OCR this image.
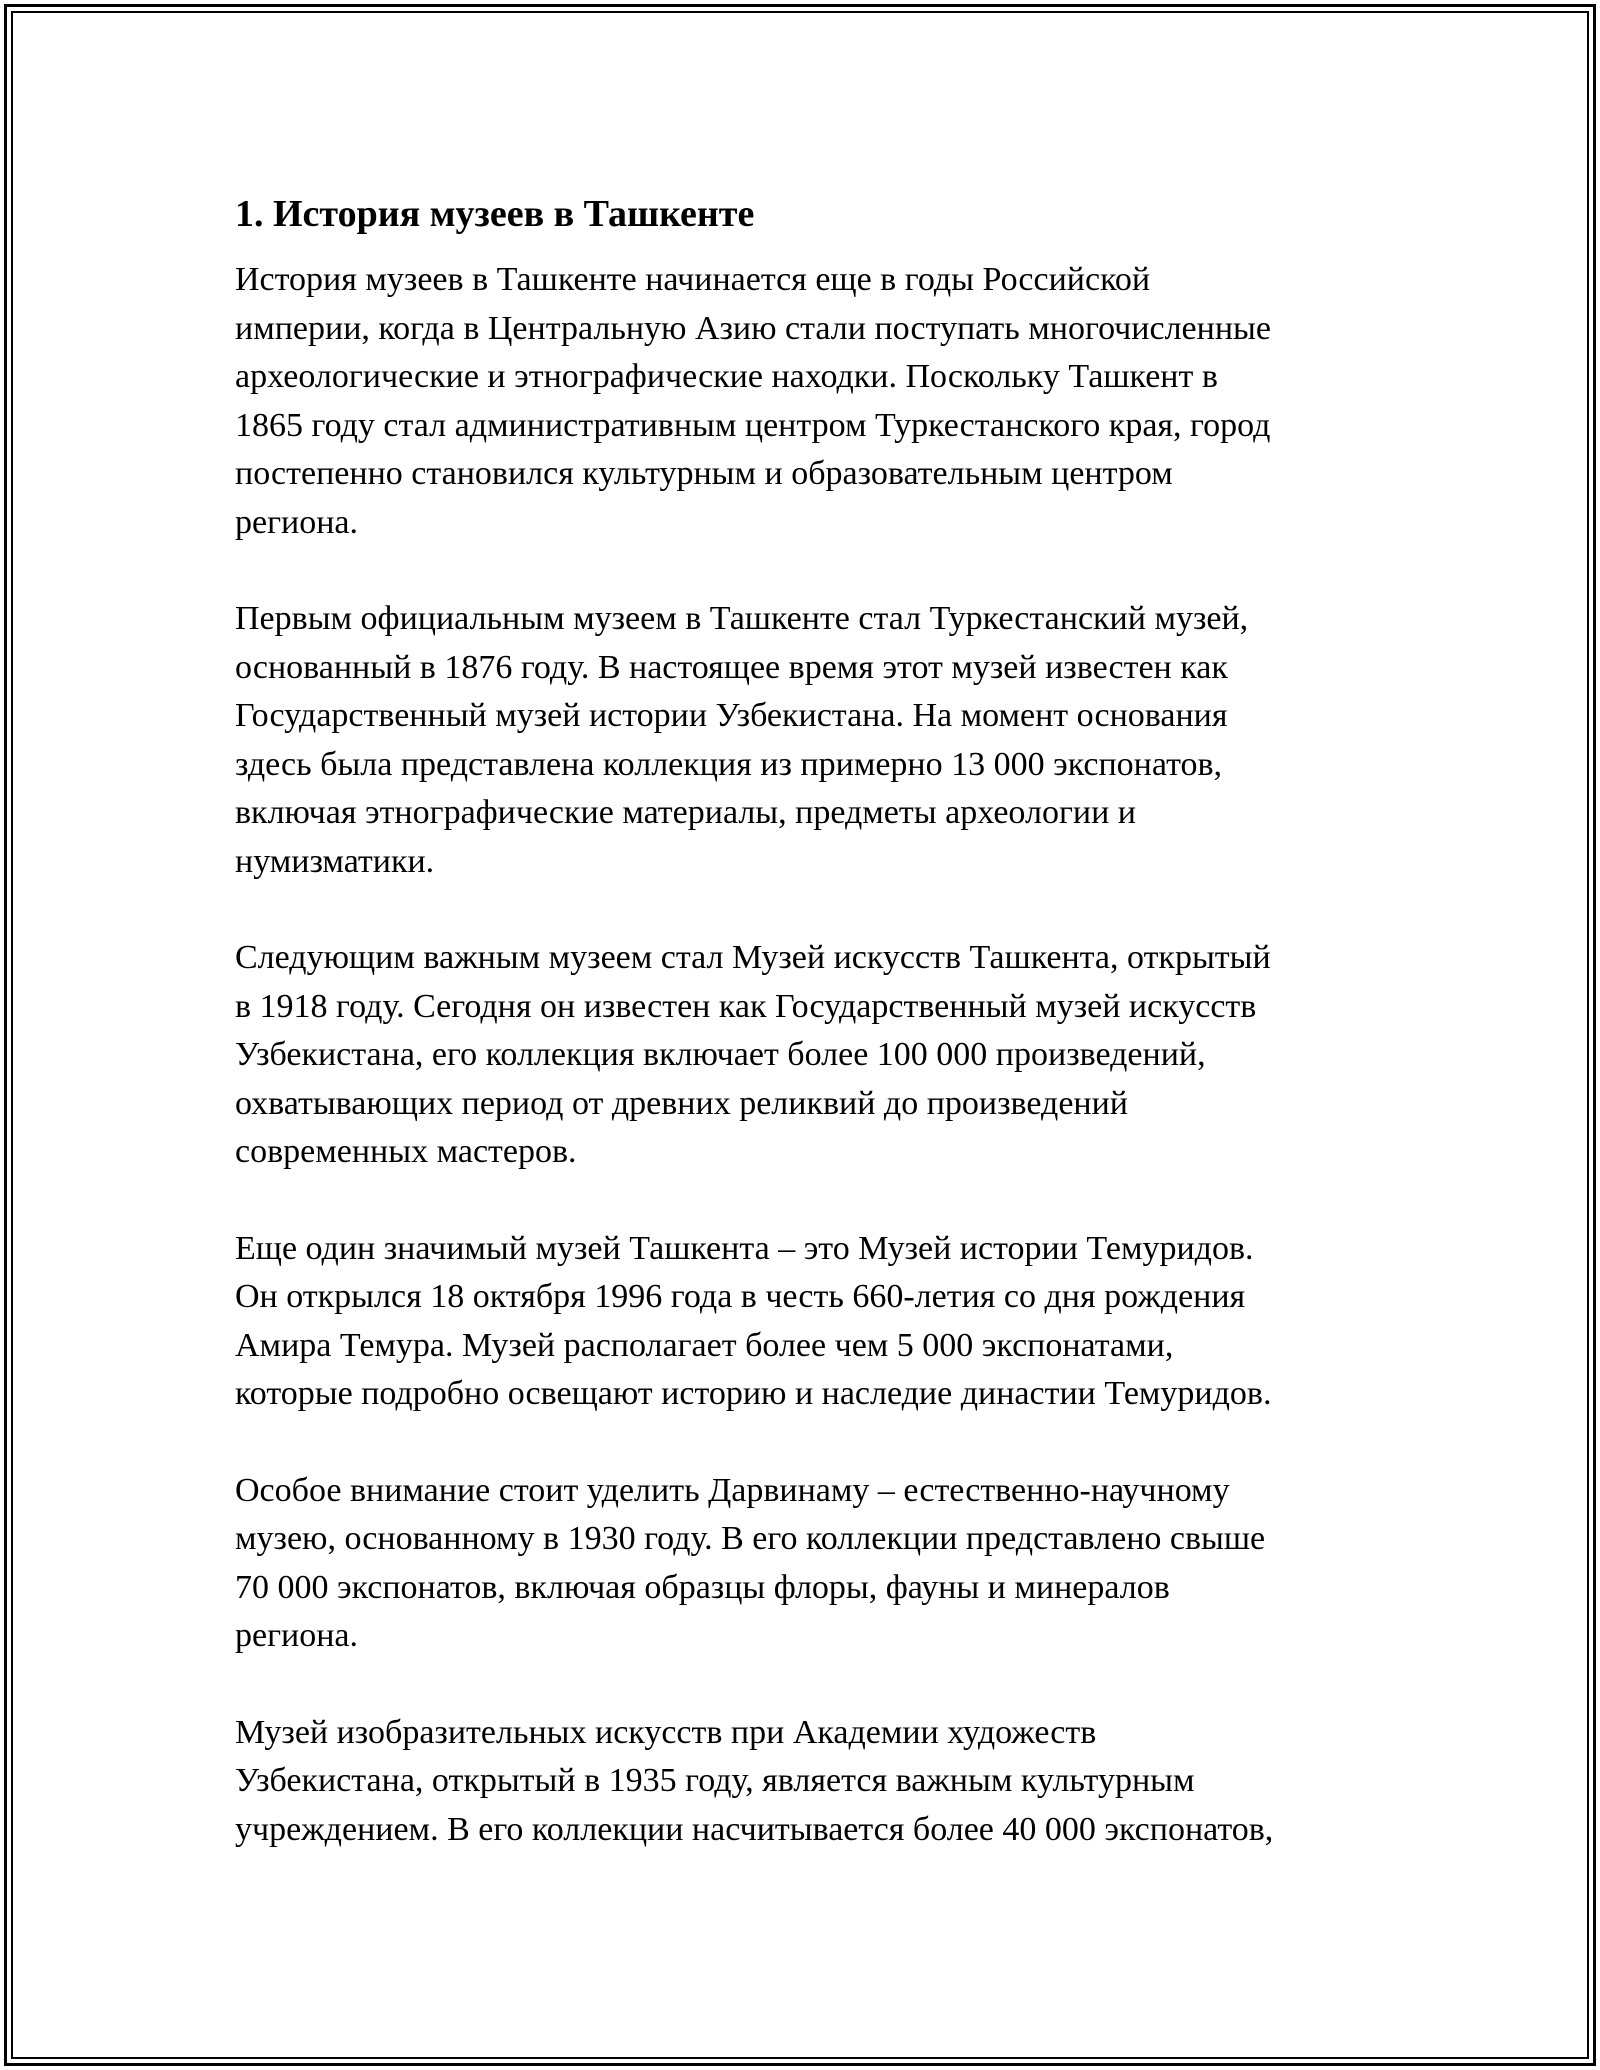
1. История музеев в Ташкенте

История музеев в Ташкенте начинается еще в годы Российской
империи, когда в Центральную Азию стали поступать многочисленные
археологические и этнографические находки. Поскольку Ташкент в
1865 году стал административным центром Туркестанского края, город
постепенно становился культурным и образовательным центром
региона.

Первым официальным музеем в Ташкенте стал Туркестанский музей,
основанный в 1876 году. В настоящее время этот музей известен как
Государственный музей истории Узбекистана. На момент основания
здесь была представлена коллекция из примерно 13 000 экспонатов,
включая этнографические материалы, предметы археологии и
нумизматики.

Следующим важным музеем стал Музей искусств Ташкента, открытый
в 1918 году. Сегодня он известен как Государственный музей искусств
Узбекистана, его коллекция включает более 100 000 произведений,
охватывающих период от древних реликвий до произведений
современных мастеров.

Еще один значимый музей Ташкента – это Музей истории Темуридов.
Он открылся 18 октября 1996 года в честь 660-летия со дня рождения
Амира Темура. Музей располагает более чем 5 000 экспонатами,
которые подробно освещают историю и наследие династии Темуридов.

Особое внимание стоит уделить Дарвинаму – естественно-научному
музею, основанному в 1930 году. В его коллекции представлено свыше
70 000 экспонатов, включая образцы флоры, фауны и минералов
региона.

Музей изобразительных искусств при Академии художеств
Узбекистана, открытый в 1935 году, является важным культурным
учреждением. В его коллекции насчитывается более 40 000 экспонатов,
